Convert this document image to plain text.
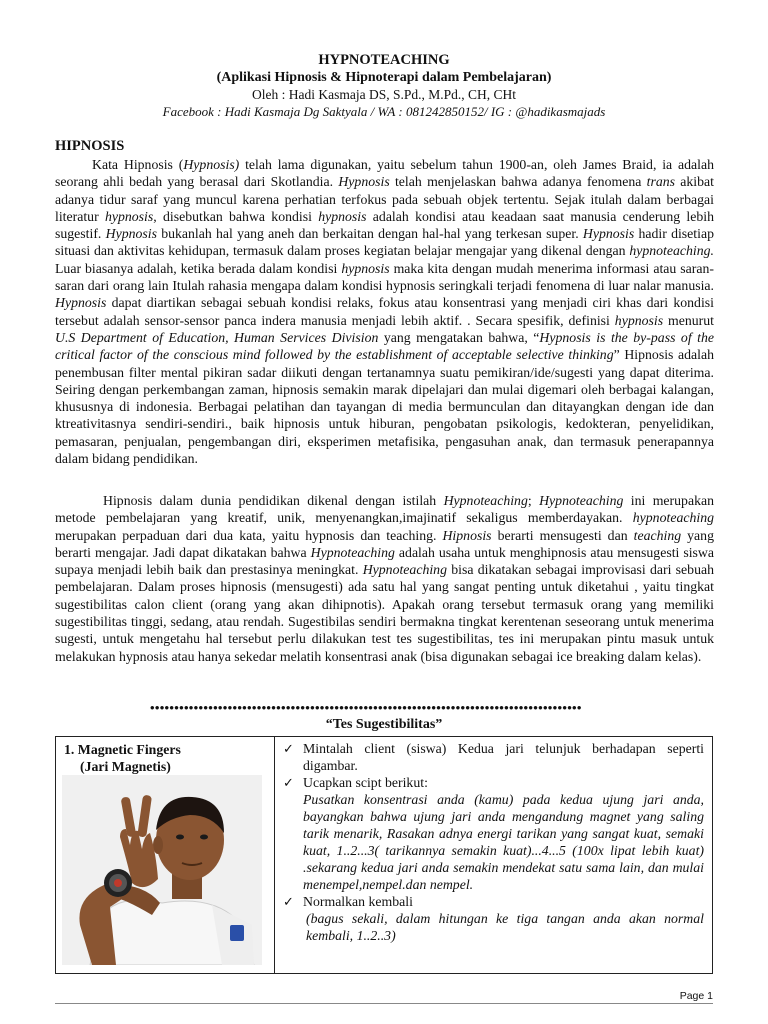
HYPNOTEACHING
(Aplikasi Hipnosis & Hipnoterapi dalam Pembelajaran)
Oleh : Hadi Kasmaja DS, S.Pd., M.Pd., CH, CHt
Facebook : Hadi Kasmaja Dg Saktyala / WA : 081242850152/ IG : @hadikasmajads
HIPNOSIS

Kata Hipnosis (Hypnosis) telah lama digunakan, yaitu sebelum tahun 1900-an, oleh James Braid, ia adalah seorang ahli bedah yang berasal dari Skotlandia. Hypnosis telah menjelaskan bahwa adanya fenomena trans akibat adanya tidur saraf yang muncul karena perhatian terfokus pada sebuah objek tertentu. Sejak itulah dalam berbagai literatur hypnosis, disebutkan bahwa kondisi hypnosis adalah kondisi atau keadaan saat manusia cenderung lebih sugestif. Hypnosis bukanlah hal yang aneh dan berkaitan dengan hal-hal yang terkesan super. Hypnosis hadir disetiap situasi dan aktivitas kehidupan, termasuk dalam proses kegiatan belajar mengajar yang dikenal dengan hypnoteaching. Luar biasanya adalah, ketika berada dalam kondisi hypnosis maka kita dengan mudah menerima informasi atau saran-saran dari orang lain Itulah rahasia mengapa dalam kondisi hypnosis seringkali terjadi fenomena di luar nalar manusia. Hypnosis dapat diartikan sebagai sebuah kondisi relaks, fokus atau konsentrasi yang menjadi ciri khas dari kondisi tersebut adalah sensor-sensor panca indera manusia menjadi lebih aktif. . Secara spesifik, definisi hypnosis menurut U.S Department of Education, Human Services Division yang mengatakan bahwa, “Hypnosis is the by-pass of the critical factor of the conscious mind followed by the establishment of acceptable selective thinking” Hipnosis adalah penembusan filter mental pikiran sadar diikuti dengan tertanamnya suatu pemikiran/ide/sugesti yang dapat diterima. Seiring dengan perkembangan zaman, hipnosis semakin marak dipelajari dan mulai digemari oleh berbagai kalangan, khususnya di indonesia. Berbagai pelatihan dan tayangan di media bermunculan dan ditayangkan dengan ide dan ktreativitasnya sendiri-sendiri., baik hipnosis untuk hiburan, pengobatan psikologis, kedokteran, penyelidikan, pemasaran, penjualan, pengembangan diri, eksperimen metafisika, pengasuhan anak, dan termasuk penerapannya dalam bidang pendidikan.

Hipnosis dalam dunia pendidikan dikenal dengan istilah Hypnoteaching; Hypnoteaching ini merupakan metode pembelajaran yang kreatif, unik, menyenangkan,imajinatif sekaligus memberdayakan. hypnoteaching merupakan perpaduan dari dua kata, yaitu hypnosis dan teaching. Hipnosis berarti mensugesti dan teaching yang berarti mengajar. Jadi dapat dikatakan bahwa Hypnoteaching adalah usaha untuk menghipnosis atau mensugesti siswa supaya menjadi lebih baik dan prestasinya meningkat. Hypnoteaching bisa dikatakan sebagai improvisasi dari sebuah pembelajaran. Dalam proses hipnosis (mensugesti) ada satu hal yang sangat penting untuk diketahui , yaitu tingkat sugestibilitas calon client (orang yang akan dihipnotis). Apakah orang tersebut termasuk orang yang memiliki sugestibilitas tinggi, sedang, atau rendah. Sugestibilas sendiri bermakna tingkat kerentenan seseorang untuk menerima sugesti, untuk mengetahu hal tersebut perlu dilakukan test tes sugestibilitas, tes ini merupakan pintu masuk untuk melakukan hypnosis atau hanya sekedar melatih konsentrasi anak (bisa digunakan sebagai ice breaking dalam kelas).

•••••••••••••••••••••••••••••••••••••••••••••••••••••••••••••••••••••••••••••••••••••••••
“Tes Sugestibilitas”
1. Magnetic Fingers
(Jari Magnetis)
✓ Mintalah client (siswa) Kedua jari telunjuk berhadapan seperti digambar.
✓ Ucapkan scipt berikut:
Pusatkan konsentrasi anda (kamu) pada kedua ujung jari anda, bayangkan bahwa ujung jari anda mengandung magnet yang saling tarik menarik, Rasakan adnya energi tarikan yang sangat kuat, semaki kuat, 1..2...3( tarikannya semakin kuat)...4...5 (100x lipat lebih kuat) .sekarang kedua jari anda semakin mendekat satu sama lain, dan mulai menempel,nempel.dan nempel.
✓ Normalkan kembali
(bagus sekali, dalam hitungan ke tiga tangan anda akan normal kembali, 1..2..3)
Page 1
